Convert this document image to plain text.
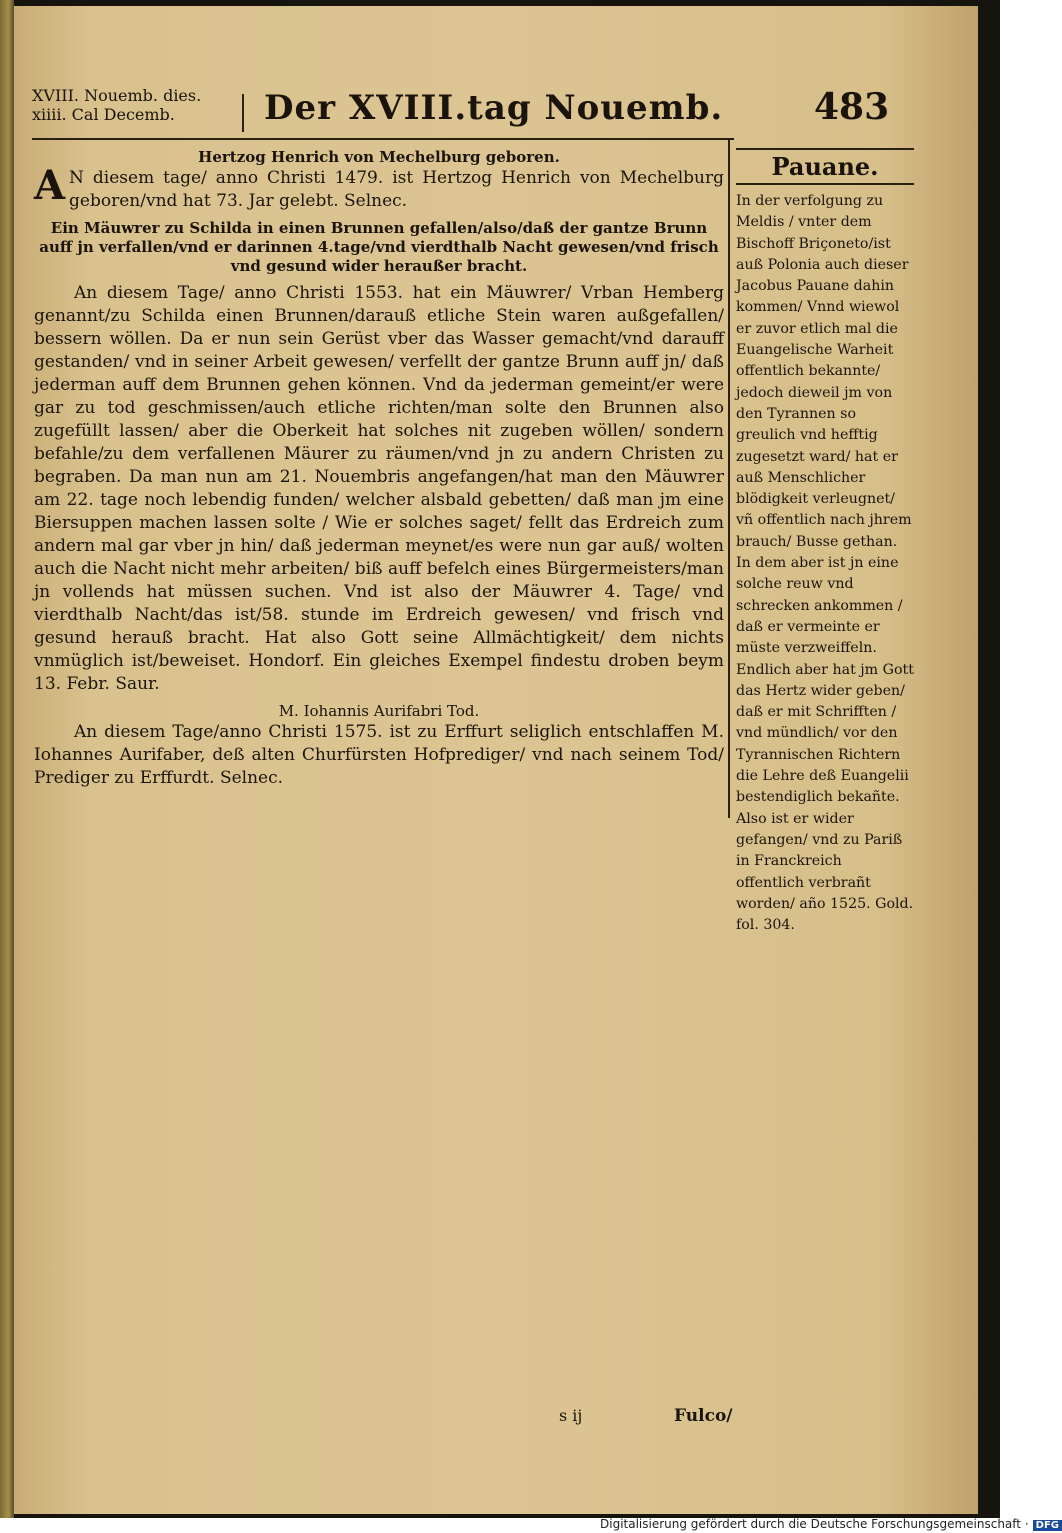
XVIII. Nouemb. dies.
xiiii. Cal Decemb.	Der XVIII.tag Nouemb.	483
Hertzog Henrich von Mechelburg geboren.
A N diesem tage/ anno Christi 1479. ist Hertzog Henrich von Mechelburg geboren/vnd hat 73. Jar gelebt. Selnec.
Ein Mäuwrer zu Schilda in einen Brunnen gefallen/also/daß der gantze Brunn auff jn verfallen/vnd er darinnen 4.tage/vnd vierdthalb Nacht gewesen/vnd frisch vnd gesund wider heraußer bracht.
An diesem Tage/ anno Christi 1553. hat ein Mäuwrer/ Vrban Hemberg genannt/zu Schilda einen Brunnen/darauß etliche Stein waren außgefallen/ bessern wöllen. Da er nun sein Gerüst vber das Wasser gemacht/vnd darauff gestanden/ vnd in seiner Arbeit gewesen/ verfellt der gantze Brunn auff jn/ daß jederman auff dem Brunnen gehen können. Vnd da jederman gemeint/er were gar zu tod geschmissen/auch etliche richten/man solte den Brunnen also zugefüllt lassen/ aber die Oberkeit hat solches nit zugeben wöllen/ sondern befahle/zu dem verfallenen Mäurer zu räumen/vnd jn zu andern Christen zu begraben. Da man nun am 21. Nouembris angefangen/hat man den Mäuwrer am 22. tage noch lebendig funden/ welcher alsbald gebetten/ daß man jm eine Biersuppen machen lassen solte / Wie er solches saget/ fellt das Erdreich zum andern mal gar vber jn hin/ daß jederman meynet/es were nun gar auß/ wolten auch die Nacht nicht mehr arbeiten/ biß auff befelch eines Bürgermeisters/man jn vollends hat müssen suchen. Vnd ist also der Mäuwrer 4. Tage/ vnd vierdthalb Nacht/das ist/58. stunde im Erdreich gewesen/ vnd frisch vnd gesund herauß bracht. Hat also Gott seine Allmächtigkeit/ dem nichts vnmüglich ist/beweiset. Hondorf. Ein gleiches Exempel findestu droben beym 13. Febr. Saur.
M. Iohannis Aurifabri Tod.
An diesem Tage/anno Christi 1575. ist zu Erffurt seliglich entschlaffen M. Iohannes Aurifaber, deß alten Churfürsten Hofprediger/ vnd nach seinem Tod/ Prediger zu Erffurdt. Selnec.
Pauane.
In der verfolgung zu Meldis / vnter dem Bischoff Briçoneto/ist auß Polonia auch dieser Jacobus Pauane dahin kommen/ Vnnd wiewol er zuvor etlich mal die Euangelische Warheit offentlich bekannte/ jedoch dieweil jm von den Tyrannen so greulich vnd hefftig zugesetzt ward/ hat er auß Menschlicher blödigkeit verleugnet/ vñ offentlich nach jhrem brauch/ Busse gethan. In dem aber ist jn eine solche reuw vnd schrecken ankommen / daß er vermeinte er müste verzweiffeln. Endlich aber hat jm Gott das Hertz wider geben/ daß er mit Schrifften / vnd mündlich/ vor den Tyrannischen Richtern die Lehre deß Euangelii bestendiglich bekañte. Also ist er wider gefangen/ vnd zu Pariß in Franckreich offentlich verbrañt worden/ año 1525. Gold. fol. 304.
s ij	Fulco/
Digitalisierung gefördert durch die Deutsche Forschungsgemeinschaft · DFG
